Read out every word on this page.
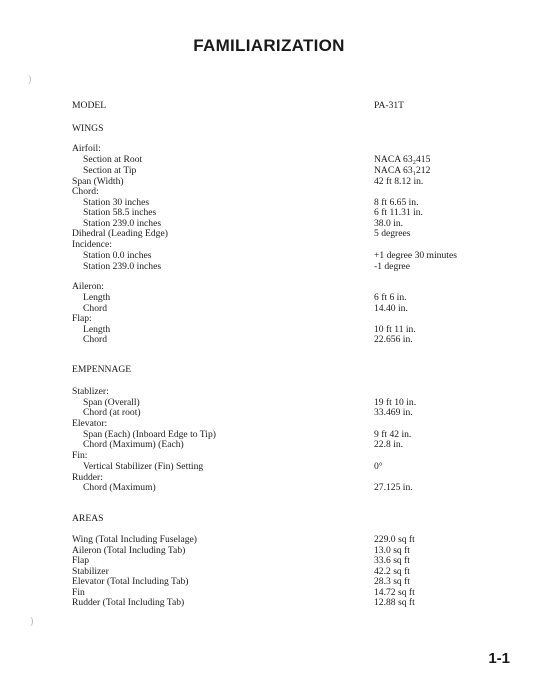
FAMILIARIZATION
MODEL	PA-31T
WINGS
Airfoil:
Section at Root	NACA 63₂415
Section at Tip	NACA 63₁212
Span (Width)	42 ft 8.12 in.
Chord:
Station 30 inches	8 ft 6.65 in.
Station 58.5 inches	6 ft 11.31 in.
Station 239.0 inches	38.0 in.
Dihedral (Leading Edge)	5 degrees
Incidence:
Station 0.0 inches	+1 degree 30 minutes
Station 239.0 inches	-1 degree
Aileron:
Length	6 ft 6 in.
Chord	14.40 in.
Flap:
Length	10 ft 11 in.
Chord	22.656 in.
EMPENNAGE
Stablizer:
Span (Overall)	19 ft 10 in.
Chord (at root)	33.469 in.
Elevator:
Span (Each) (Inboard Edge to Tip)	9 ft 42 in.
Chord (Maximum) (Each)	22.8 in.
Fin:
Vertical Stabilizer (Fin) Setting	0°
Rudder:
Chord (Maximum)	27.125 in.
AREAS
Wing (Total Including Fuselage)	229.0 sq ft
Aileron (Total Including Tab)	13.0 sq ft
Flap	33.6 sq ft
Stabilizer	42.2 sq ft
Elevator (Total Including Tab)	28.3 sq ft
Fin	14.72 sq ft
Rudder (Total Including Tab)	12.88 sq ft
1-1
)
)
